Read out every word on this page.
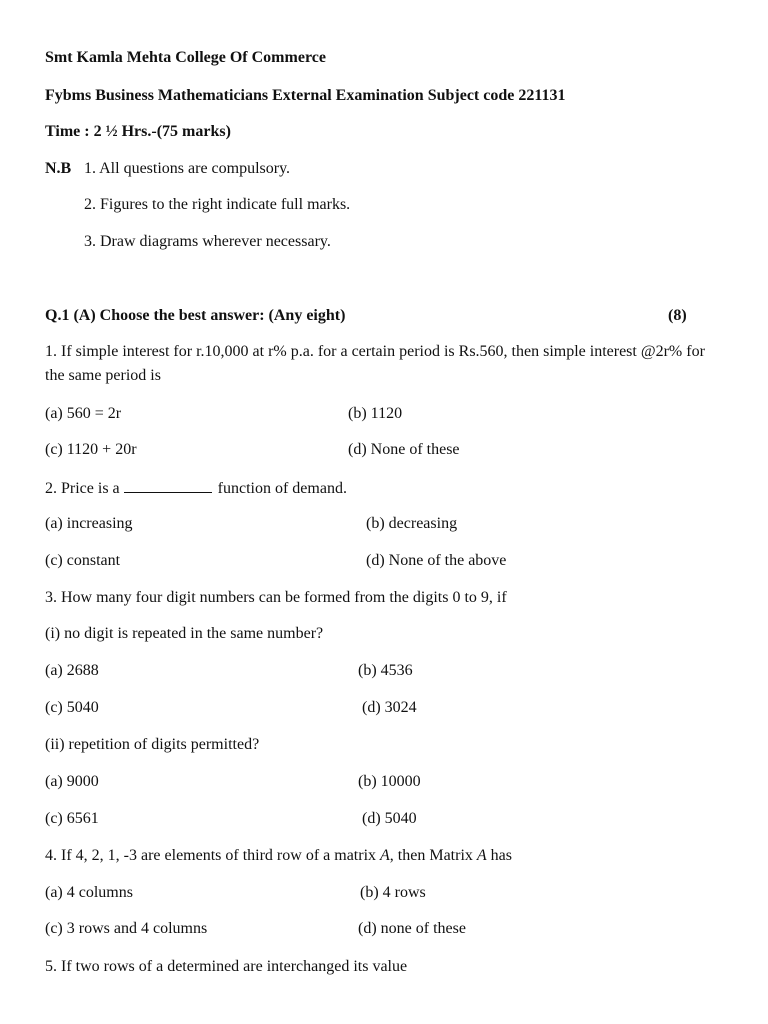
Smt Kamla Mehta College Of Commerce
Fybms Business Mathematicians External Examination Subject code 221131
Time : 2 ½ Hrs.-(75 marks)
N.B 1. All questions are compulsory.
2. Figures to the right indicate full marks.
3. Draw diagrams wherever necessary.
Q.1 (A) Choose the best answer: (Any eight)	(8)
1. If simple interest for r.10,000 at r% p.a. for a certain period is Rs.560, then simple interest @2r% for the same period is
(a) 560 = 2r	(b) 1120
(c) 1120 + 20r	(d) None of these
2. Price is a	function of demand.
(a) increasing	(b) decreasing
(c) constant	(d) None of the above
3. How many four digit numbers can be formed from the digits 0 to 9, if
(i) no digit is repeated in the same number?
(a) 2688	(b) 4536
(c) 5040	(d) 3024
(ii) repetition of digits permitted?
(a) 9000	(b) 10000
(c) 6561	(d) 5040
4. If 4, 2, 1, -3 are elements of third row of a matrix A, then Matrix A has
(a) 4 columns	(b) 4 rows
(c) 3 rows and 4 columns	(d) none of these
5. If two rows of a determined are interchanged its value
